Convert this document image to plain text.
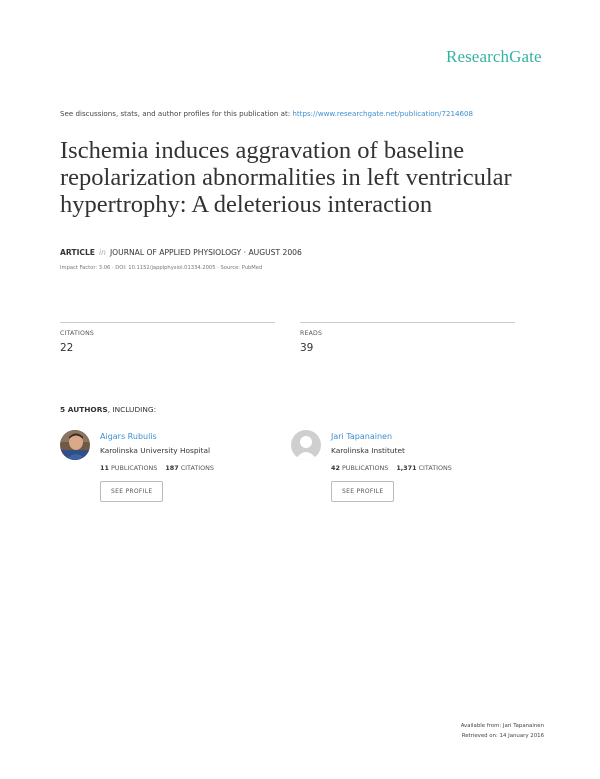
ResearchGate
See discussions, stats, and author profiles for this publication at: https://www.researchgate.net/publication/7214608
Ischemia induces aggravation of baseline
repolarization abnormalities in left ventricular
hypertrophy: A deleterious interaction
ARTICLE in JOURNAL OF APPLIED PHYSIOLOGY · AUGUST 2006
Impact Factor: 3.06 · DOI: 10.1152/japplphysiol.01334.2005 · Source: PubMed
CITATIONS
22
READS
39
5 AUTHORS, INCLUDING:
Aigars Rubulis
Karolinska University Hospital
11 PUBLICATIONS 187 CITATIONS
SEE PROFILE
Jari Tapanainen
Karolinska Institutet
42 PUBLICATIONS 1,371 CITATIONS
SEE PROFILE
Available from: Jari Tapanainen
Retrieved on: 14 January 2016
